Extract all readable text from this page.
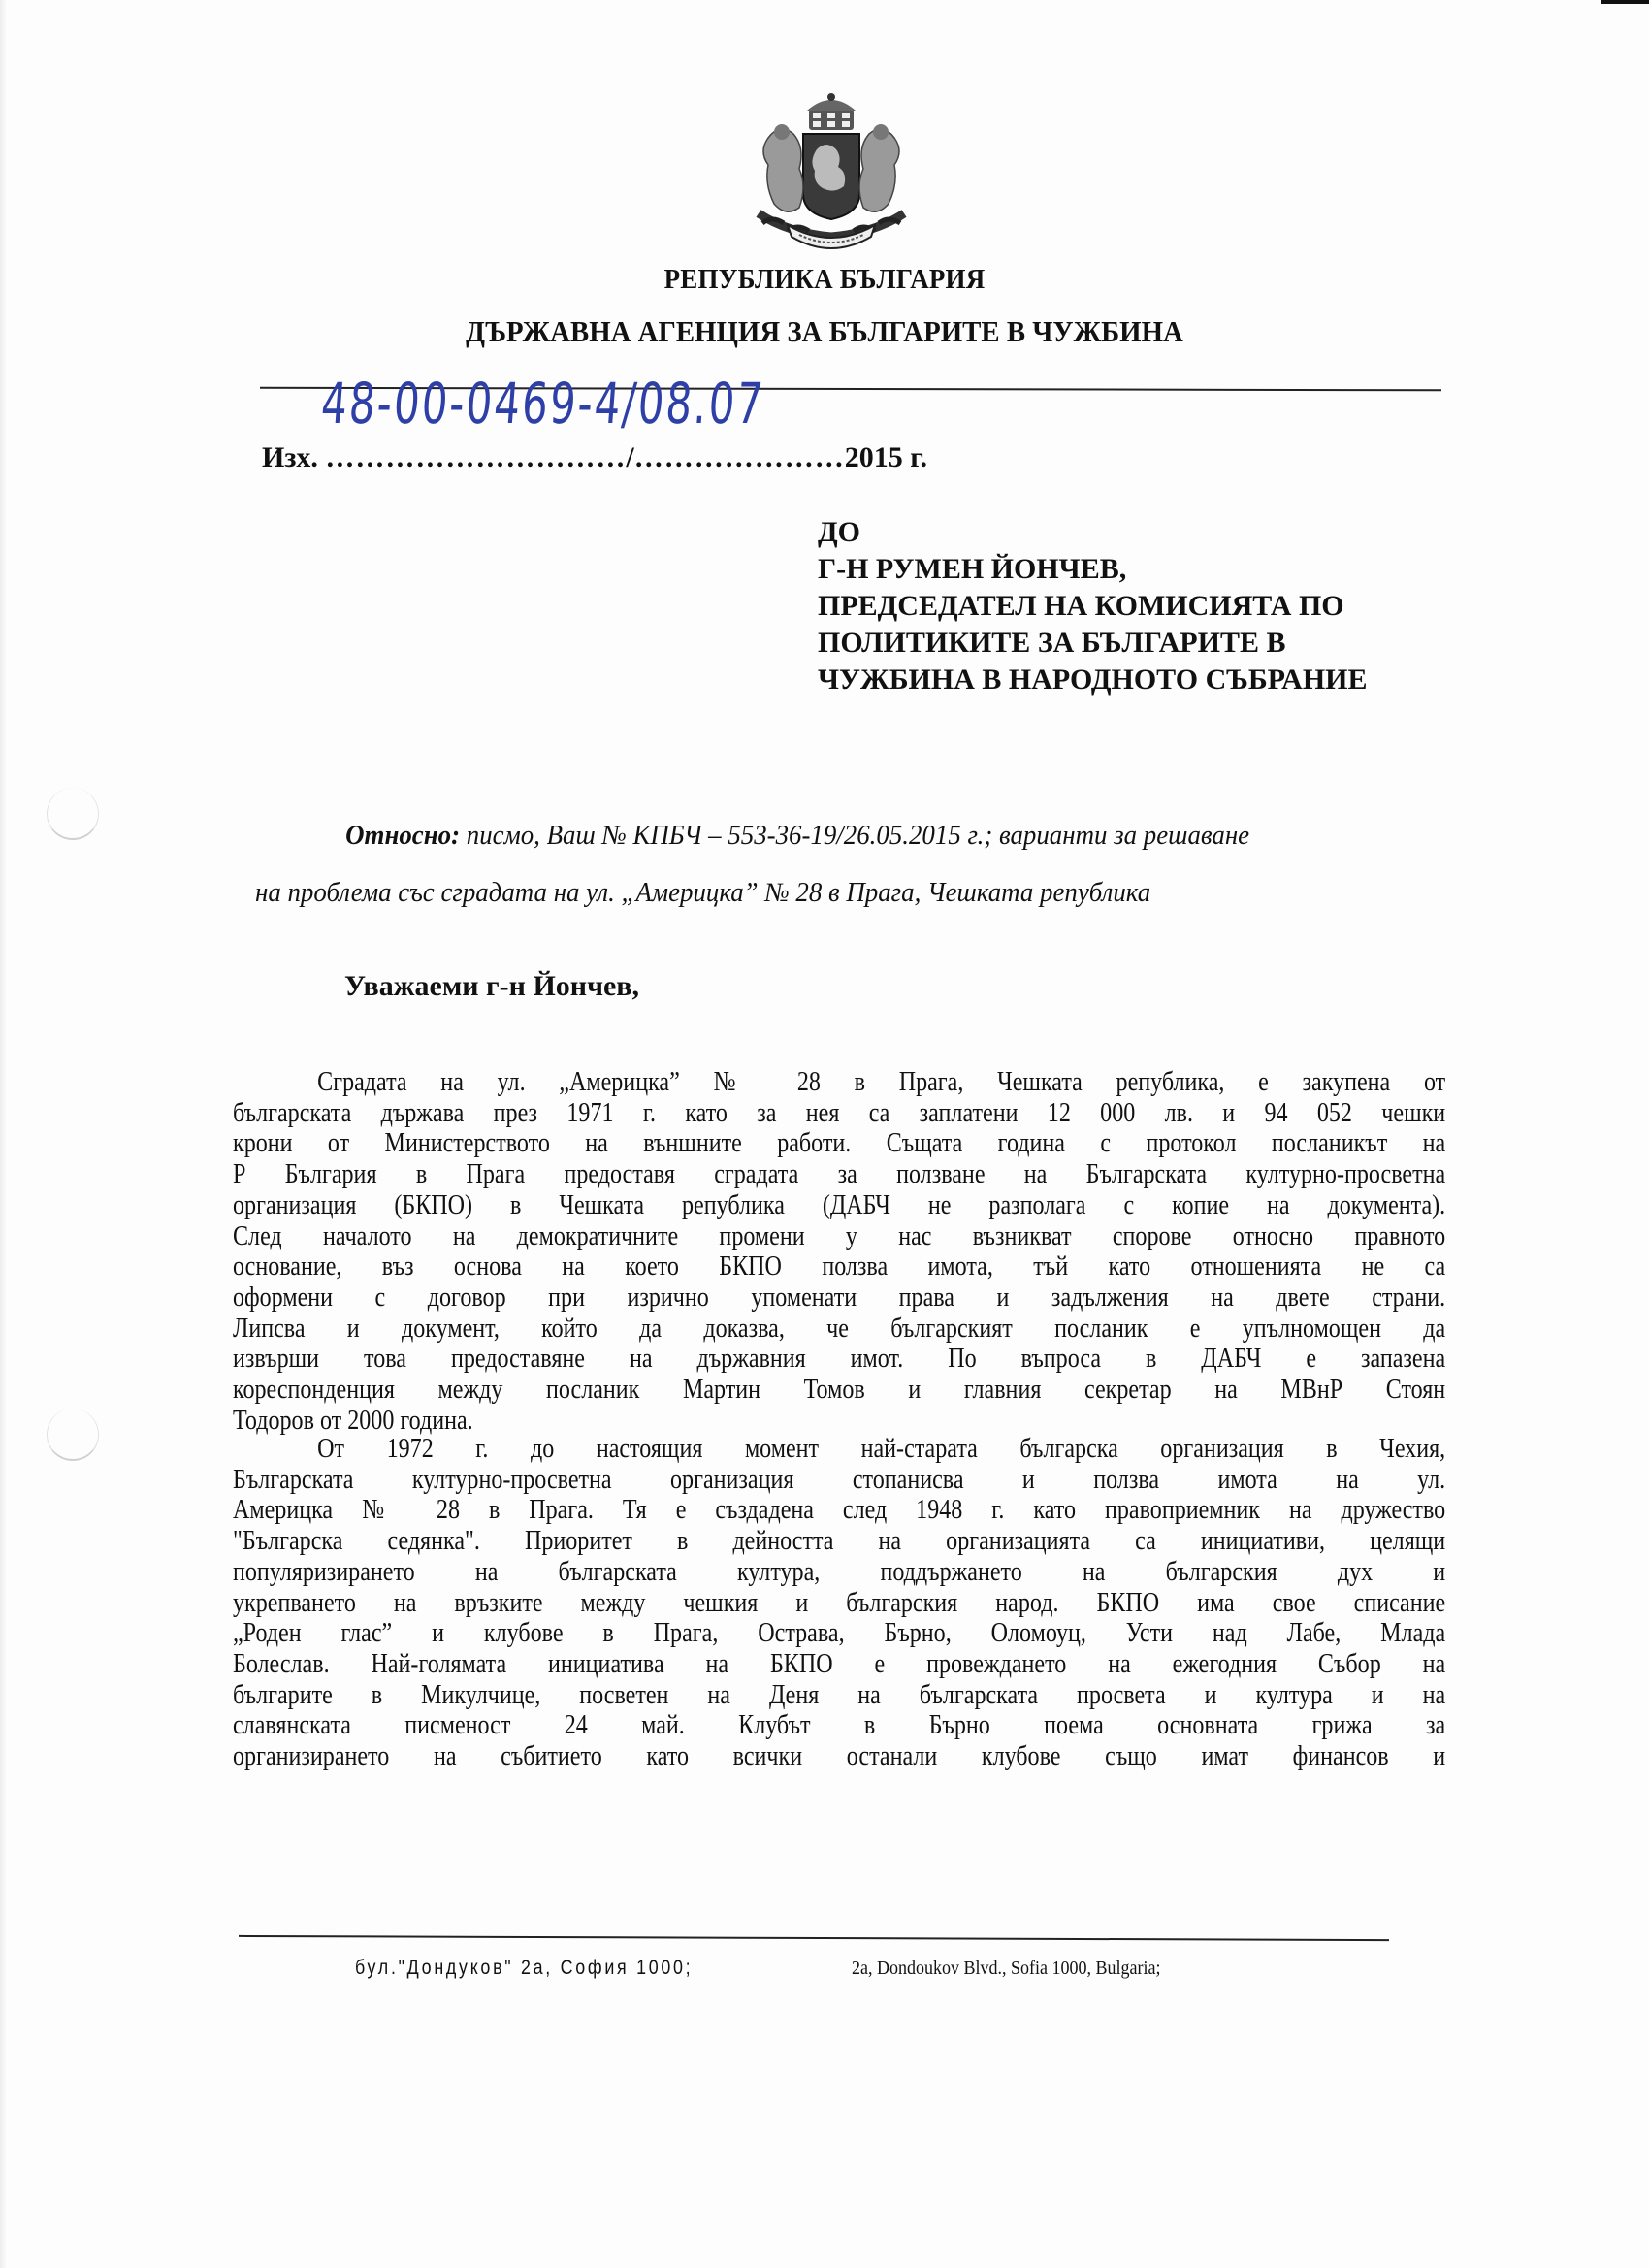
РЕПУБЛИКА БЪЛГАРИЯ
ДЪРЖАВНА АГЕНЦИЯ ЗА БЪЛГАРИТЕ В ЧУЖБИНА
Изх. …………………………/…………………2015 г.
48-00-0469-4/08.07
ДО
Г-Н РУМЕН ЙОНЧЕВ,
ПРЕДСЕДАТЕЛ НА КОМИСИЯТА ПО
ПОЛИТИКИТЕ ЗА БЪЛГАРИТЕ В
ЧУЖБИНА В НАРОДНОТО СЪБРАНИЕ
Относно: писмо, Ваш № КПБЧ – 553-36-19/26.05.2015 г.; варианти за решаване
на проблема със сградата на ул. „Америцка” № 28 в Прага, Чешката република
Уважаеми г-н Йончев,
Сградата на ул. „Америцка” № 28 в Прага, Чешката република, е закупена от
българската държава през 1971 г. като за нея са заплатени 12 000 лв. и 94 052 чешки
крони от Министерството на външните работи. Същата година с протокол посланикът на
Р България в Прага предоставя сградата за ползване на Българската културно-просветна
организация (БКПО) в Чешката република (ДАБЧ не разполага с копие на документа).
След началото на демократичните промени у нас възникват спорове относно правното
основание, въз основа на което БКПО ползва имота, тъй като отношенията не са
оформени с договор при изрично упоменати права и задължения на двете страни.
Липсва и документ, който да доказва, че българският посланик е упълномощен да
извърши това предоставяне на държавния имот. По въпроса в ДАБЧ е запазена
кореспонденция между посланик Мартин Томов и главния секретар на МВнР Стоян
Тодоров от 2000 година.
От 1972 г. до настоящия момент най-старата българска организация в Чехия,
Българската културно-просветна организация стопанисва и ползва имота на ул.
Америцка № 28 в Прага. Тя е създадена след 1948 г. като правоприемник на дружество
"Българска седянка". Приоритет в дейността на организацията са инициативи, целящи
популяризирането на българската култура, поддържането на българския дух и
укрепването на връзките между чешкия и българския народ. БКПО има свое списание
„Роден глас” и клубове в Прага, Острава, Бърно, Оломоуц, Усти над Лабе, Млада
Болеслав. Най-голямата инициатива на БКПО е провеждането на ежегодния Събор на
българите в Микулчице, посветен на Деня на българската просвета и култура и на
славянската писменост 24 май. Клубът в Бърно поема основната грижа за
организирането на събитието като всички останали клубове също имат финансов и
бул."Дондуков" 2а, София 1000;	2a, Dondoukov Blvd., Sofia 1000, Bulgaria;
